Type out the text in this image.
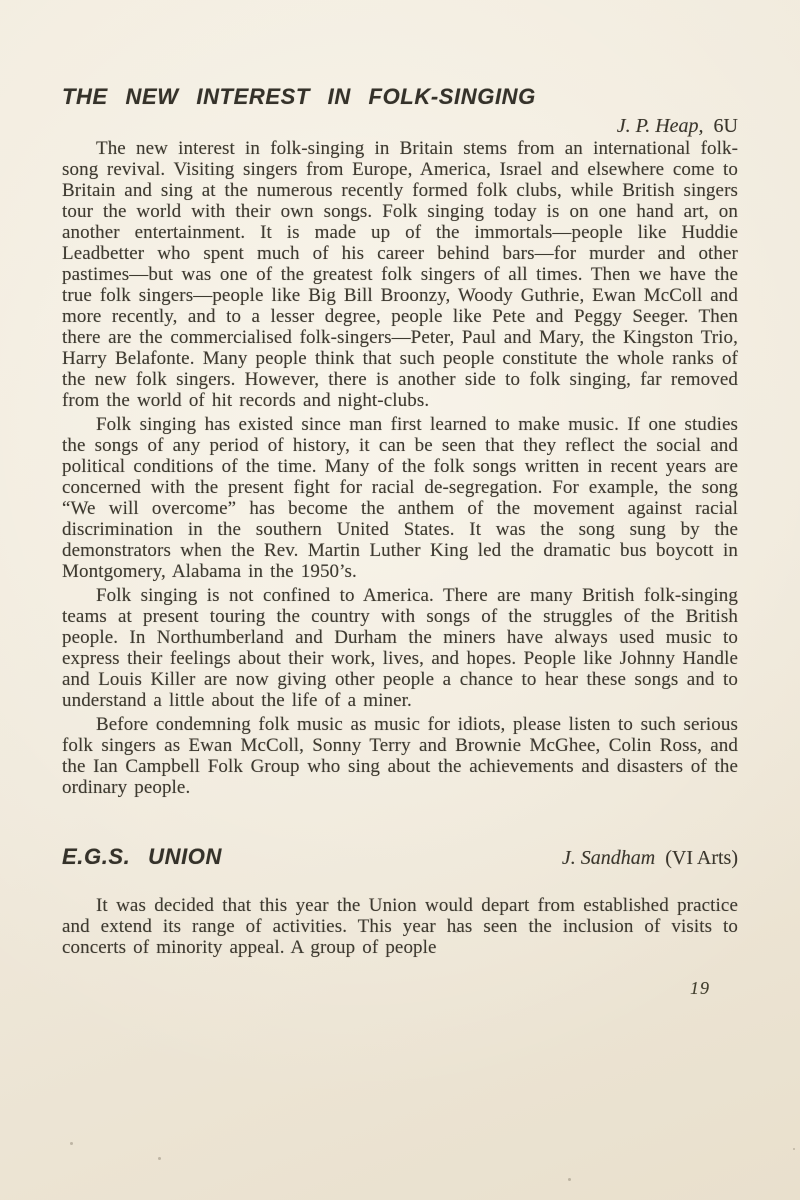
THE NEW INTEREST IN FOLK-SINGING

J. P. Heap, 6U

The new interest in folk-singing in Britain stems from an international folk-song revival. Visiting singers from Europe, America, Israel and elsewhere come to Britain and sing at the numerous recently formed folk clubs, while British singers tour the world with their own songs. Folk singing today is on one hand art, on another entertainment. It is made up of the immortals—people like Huddie Leadbetter who spent much of his career behind bars—for murder and other pastimes—but was one of the greatest folk singers of all times. Then we have the true folk singers—people like Big Bill Broonzy, Woody Guthrie, Ewan McColl and more recently, and to a lesser degree, people like Pete and Peggy Seeger. Then there are the commercialised folk-singers—Peter, Paul and Mary, the Kingston Trio, Harry Belafonte. Many people think that such people constitute the whole ranks of the new folk singers. However, there is another side to folk singing, far removed from the world of hit records and night-clubs.

Folk singing has existed since man first learned to make music. If one studies the songs of any period of history, it can be seen that they reflect the social and political conditions of the time. Many of the folk songs written in recent years are concerned with the present fight for racial de-segregation. For example, the song “We will overcome” has become the anthem of the movement against racial discrimination in the southern United States. It was the song sung by the demonstrators when the Rev. Martin Luther King led the dramatic bus boycott in Montgomery, Alabama in the 1950’s.

Folk singing is not confined to America. There are many British folk-singing teams at present touring the country with songs of the struggles of the British people. In Northumberland and Durham the miners have always used music to express their feelings about their work, lives, and hopes. People like Johnny Handle and Louis Killer are now giving other people a chance to hear these songs and to understand a little about the life of a miner.

Before condemning folk music as music for idiots, please listen to such serious folk singers as Ewan McColl, Sonny Terry and Brownie McGhee, Colin Ross, and the Ian Campbell Folk Group who sing about the achievements and disasters of the ordinary people.

E.G.S. UNION	J. Sandham (VI Arts)

It was decided that this year the Union would depart from established practice and extend its range of activities. This year has seen the inclusion of visits to concerts of minority appeal. A group of people

19
